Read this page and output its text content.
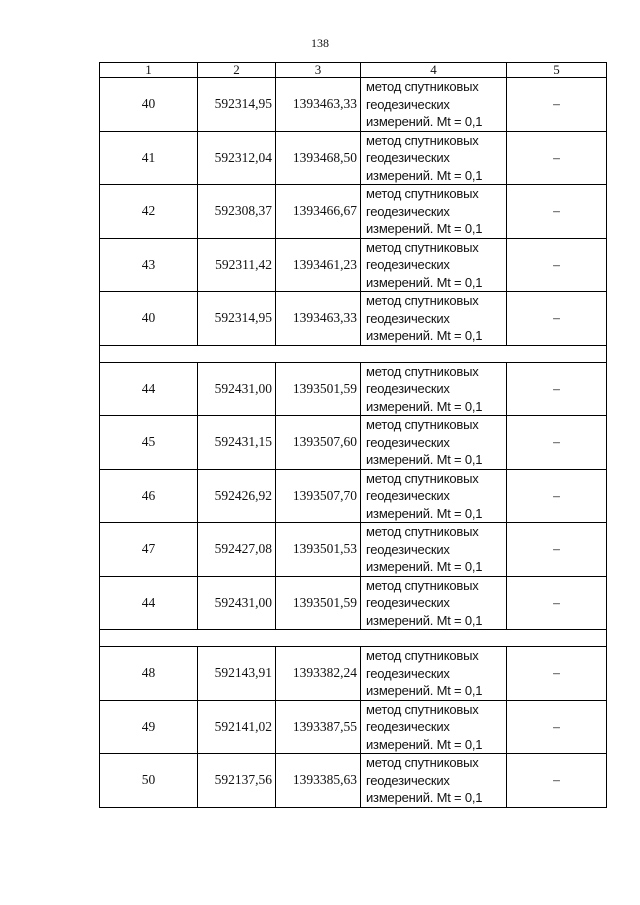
138
1	2	3	4	5
40	592314,95	1393463,33	метод спутниковых
геодезических
измерений. Mt = 0,1	–
41	592312,04	1393468,50	метод спутниковых
геодезических
измерений. Mt = 0,1	–
42	592308,37	1393466,67	метод спутниковых
геодезических
измерений. Mt = 0,1	–
43	592311,42	1393461,23	метод спутниковых
геодезических
измерений. Mt = 0,1	–
40	592314,95	1393463,33	метод спутниковых
геодезических
измерений. Mt = 0,1	–

44	592431,00	1393501,59	метод спутниковых
геодезических
измерений. Mt = 0,1	–
45	592431,15	1393507,60	метод спутниковых
геодезических
измерений. Mt = 0,1	–
46	592426,92	1393507,70	метод спутниковых
геодезических
измерений. Mt = 0,1	–
47	592427,08	1393501,53	метод спутниковых
геодезических
измерений. Mt = 0,1	–
44	592431,00	1393501,59	метод спутниковых
геодезических
измерений. Mt = 0,1	–

48	592143,91	1393382,24	метод спутниковых
геодезических
измерений. Mt = 0,1	–
49	592141,02	1393387,55	метод спутниковых
геодезических
измерений. Mt = 0,1	–
50	592137,56	1393385,63	метод спутниковых
геодезических
измерений. Mt = 0,1	–
